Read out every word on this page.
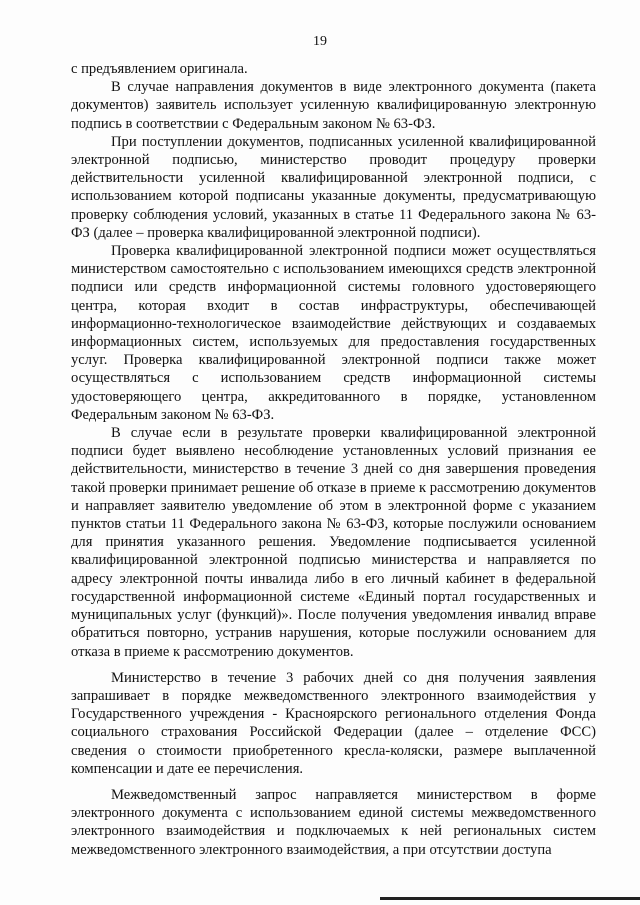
19

с предъявлением оригинала.

В случае направления документов в виде электронного документа (пакета документов) заявитель использует усиленную квалифицированную электронную подпись в соответствии с Федеральным законом № 63-ФЗ.

При поступлении документов, подписанных усиленной квалифицированной электронной подписью, министерство проводит процедуру проверки действительности усиленной квалифицированной электронной подписи, с использованием которой подписаны указанные документы, предусматривающую проверку соблюдения условий, указанных в статье 11 Федерального закона № 63-ФЗ (далее – проверка квалифицированной электронной подписи).

Проверка квалифицированной электронной подписи может осуществляться министерством самостоятельно с использованием имеющихся средств электронной подписи или средств информационной системы головного удостоверяющего центра, которая входит в состав инфраструктуры, обеспечивающей информационно-технологическое взаимодействие действующих и создаваемых информационных систем, используемых для предоставления государственных услуг. Проверка квалифицированной электронной подписи также может осуществляться с использованием средств информационной системы удостоверяющего центра, аккредитованного в порядке, установленном Федеральным законом № 63-ФЗ.

В случае если в результате проверки квалифицированной электронной подписи будет выявлено несоблюдение установленных условий признания ее действительности, министерство в течение 3 дней со дня завершения проведения такой проверки принимает решение об отказе в приеме к рассмотрению документов и направляет заявителю уведомление об этом в электронной форме с указанием пунктов статьи 11 Федерального закона № 63-ФЗ, которые послужили основанием для принятия указанного решения. Уведомление подписывается усиленной квалифицированной электронной подписью министерства и направляется по адресу электронной почты инвалида либо в его личный кабинет в федеральной государственной информационной системе «Единый портал государственных и муниципальных услуг (функций)». После получения уведомления инвалид вправе обратиться повторно, устранив нарушения, которые послужили основанием для отказа в приеме к рассмотрению документов.

Министерство в течение 3 рабочих дней со дня получения заявления запрашивает в порядке межведомственного электронного взаимодействия у Государственного учреждения - Красноярского регионального отделения Фонда социального страхования Российской Федерации (далее – отделение ФСС) сведения о стоимости приобретенного кресла-коляски, размере выплаченной компенсации и дате ее перечисления.

Межведомственный запрос направляется министерством в форме электронного документа с использованием единой системы межведомственного электронного взаимодействия и подключаемых к ней региональных систем межведомственного электронного взаимодействия, а при отсутствии доступа
